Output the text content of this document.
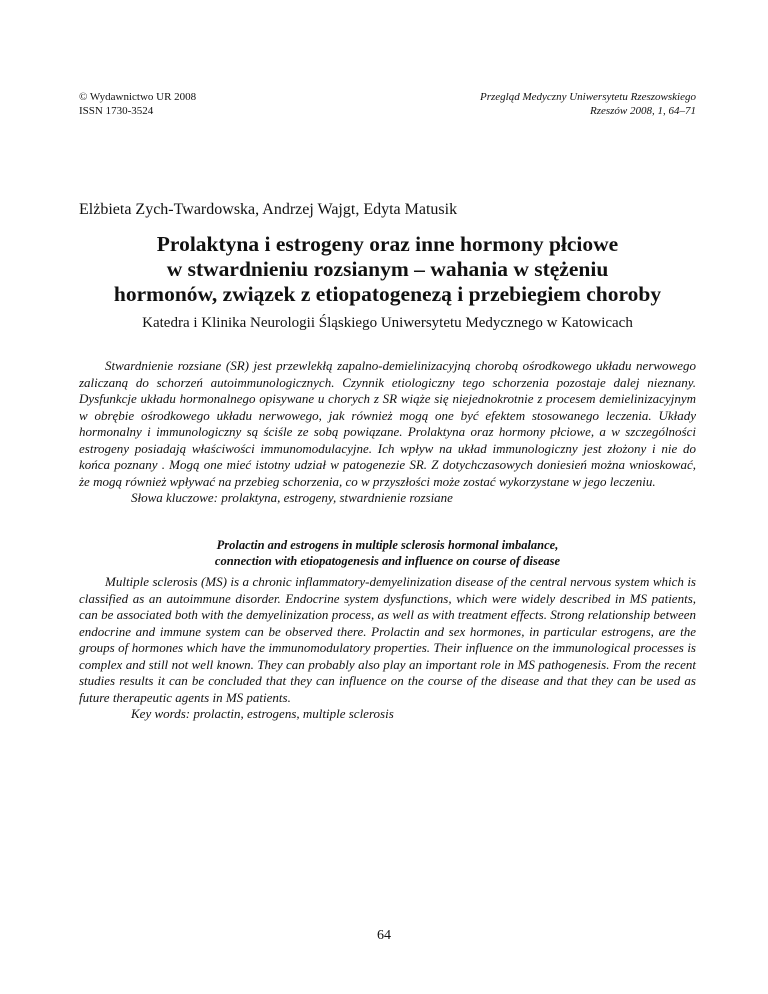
© Wydawnictwo UR 2008
ISSN 1730-3524
Przegląd Medyczny Uniwersytetu Rzeszowskiego
Rzeszów 2008, 1, 64–71
Elżbieta Zych-Twardowska, Andrzej Wajgt, Edyta Matusik
Prolaktyna i estrogeny oraz inne hormony płciowe
w stwardnieniu rozsianym – wahania w stężeniu
hormonów, związek z etiopatogenezą i przebiegiem choroby
Katedra i Klinika Neurologii Śląskiego Uniwersytetu Medycznego w Katowicach

Stwardnienie rozsiane (SR) jest przewlekłą zapalno-demielinizacyjną chorobą ośrodkowego układu nerwowego zaliczaną do schorzeń autoimmunologicznych. Czynnik etiologiczny tego schorzenia pozostaje dalej nieznany. Dysfunkcje układu hormonalnego opisywane u chorych z SR wiąże się niejednokrotnie z procesem demielinizacyjnym w obrębie ośrodkowego układu nerwowego, jak również mogą one być efektem stosowanego leczenia. Układy hormonalny i immunologiczny są ściśle ze sobą powiązane. Prolaktyna oraz hormony płciowe, a w szczególności estrogeny posiadają właściwości immunomodulacyjne. Ich wpływ na układ immunologiczny jest złożony i nie do końca poznany . Mogą one mieć istotny udział w patogenezie SR. Z dotychczasowych doniesień można wnioskować, że mogą również wpływać na przebieg schorzenia, co w przyszłości może zostać wykorzystane w jego leczeniu.

Słowa kluczowe: prolaktyna, estrogeny, stwardnienie rozsiane

Prolactin and estrogens in multiple sclerosis hormonal imbalance,
connection with etiopatogenesis and influence on course of disease

Multiple sclerosis (MS) is a chronic inflammatory-demyelinization disease of the central nervous system which is classified as an autoimmune disorder. Endocrine system dysfunctions, which were widely described in MS patients, can be associated both with the demyelinization process, as well as with treatment effects. Strong relationship between endocrine and immune system can be observed there. Prolactin and sex hormones, in particular estrogens, are the groups of hormones which have the immunomodulatory properties. Their influence on the immunological processes is complex and still not well known. They can probably also play an important role in MS pathogenesis. From the recent studies results it can be concluded that they can influence on the course of the disease and that they can be used as future therapeutic agents in MS patients.

Key words: prolactin, estrogens, multiple sclerosis

64
